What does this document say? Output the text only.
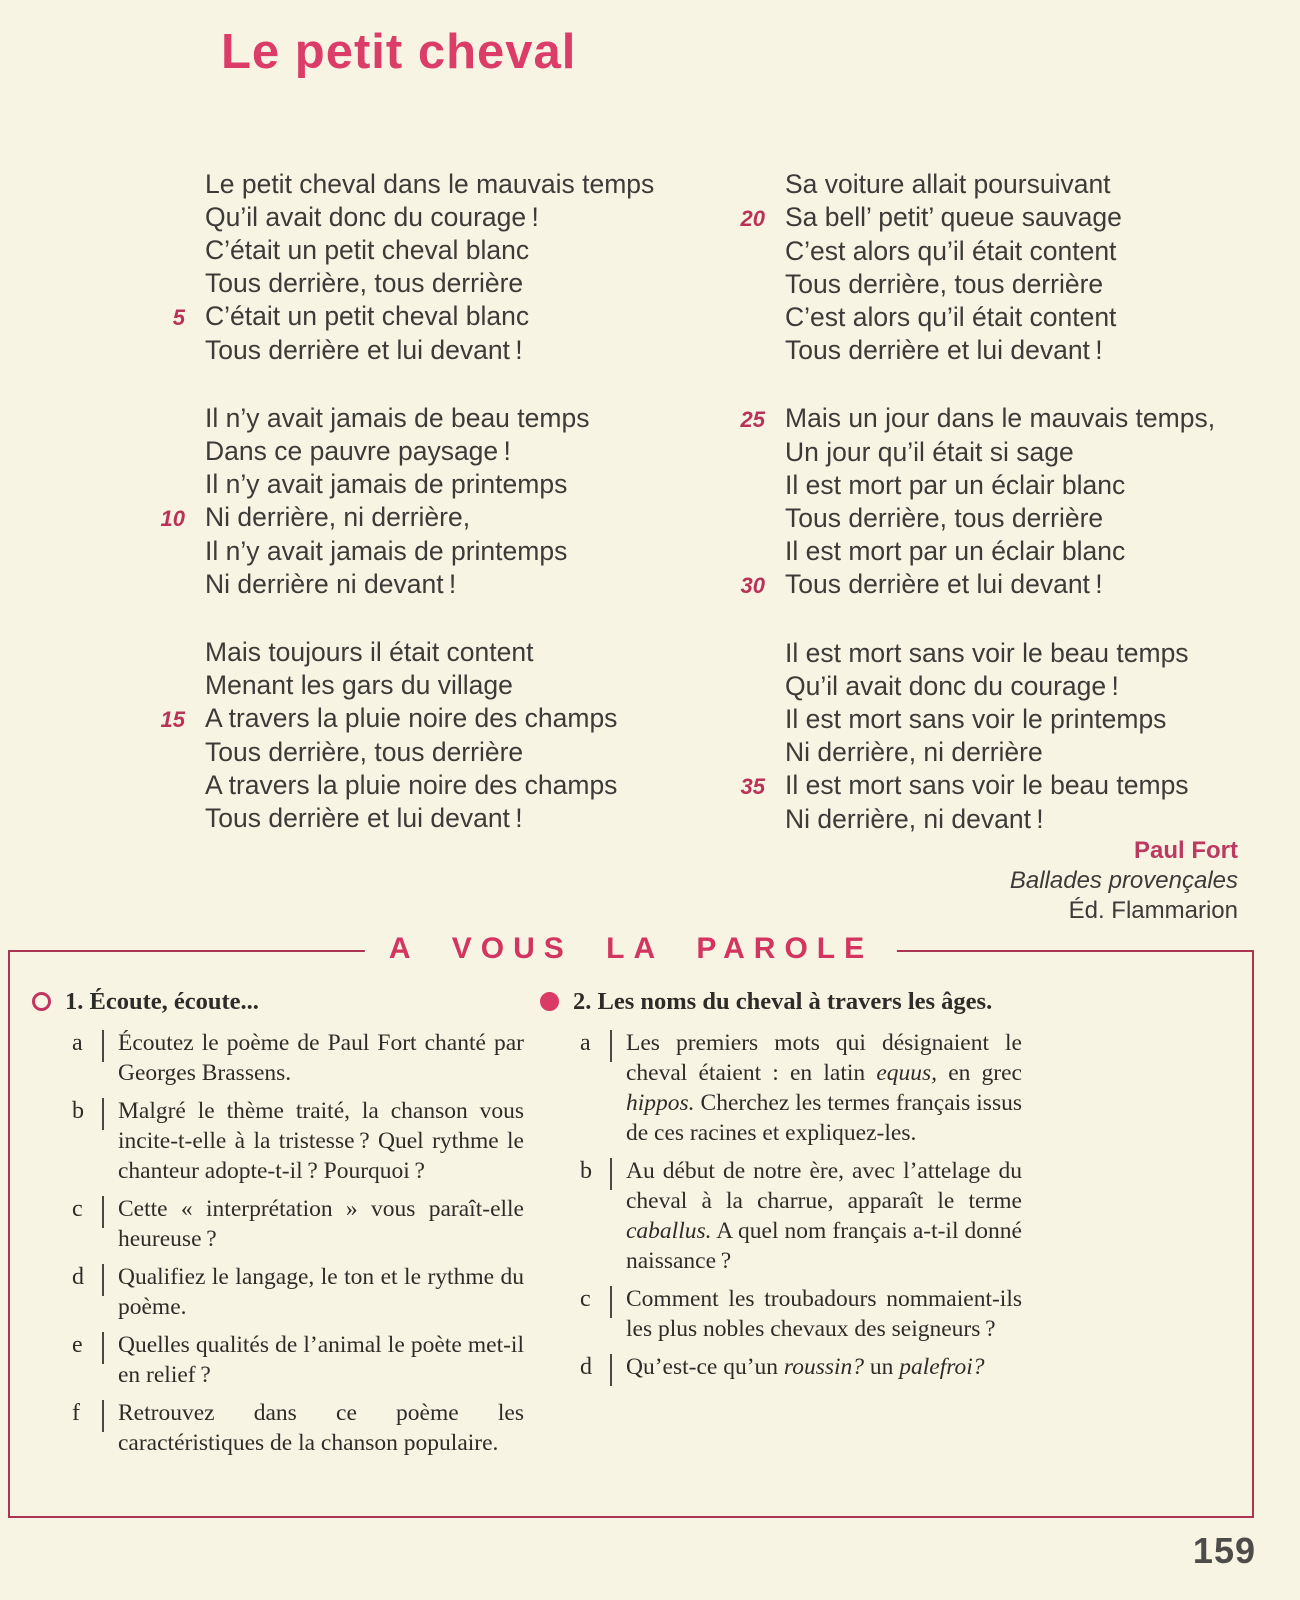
Le petit cheval
Le petit cheval dans le mauvais temps
Qu’il avait donc du courage !
C’était un petit cheval blanc
Tous derrière, tous derrière
5 C’était un petit cheval blanc
Tous derrière et lui devant !
Il n’y avait jamais de beau temps
Dans ce pauvre paysage !
Il n’y avait jamais de printemps
10 Ni derrière, ni derrière,
Il n’y avait jamais de printemps
Ni derrière ni devant !
Mais toujours il était content
Menant les gars du village
15 A travers la pluie noire des champs
Tous derrière, tous derrière
A travers la pluie noire des champs
Tous derrière et lui devant !
Sa voiture allait poursuivant
20 Sa bell’ petit’ queue sauvage
C’est alors qu’il était content
Tous derrière, tous derrière
C’est alors qu’il était content
Tous derrière et lui devant !
25 Mais un jour dans le mauvais temps,
Un jour qu’il était si sage
Il est mort par un éclair blanc
Tous derrière, tous derrière
Il est mort par un éclair blanc
30 Tous derrière et lui devant !
Il est mort sans voir le beau temps
Qu’il avait donc du courage !
Il est mort sans voir le printemps
Ni derrière, ni derrière
35 Il est mort sans voir le beau temps
Ni derrière, ni devant !
Paul Fort
Ballades provençales
Éd. Flammarion
A VOUS LA PAROLE
1. Écoute, écoute...
a	Écoutez le poème de Paul Fort chanté par Georges Brassens.

b	Malgré le thème traité, la chanson vous incite-t-elle à la tristesse ? Quel rythme le chanteur adopte-t-il ? Pourquoi ?

c	Cette « interprétation » vous paraît-elle heureuse ?

d	Qualifiez le langage, le ton et le rythme du poème.

e	Quelles qualités de l’animal le poète met-il en relief ?

f	Retrouvez dans ce poème les caractéristiques de la chanson populaire.

2. Les noms du cheval à travers les âges.
a	Les premiers mots qui désignaient le cheval étaient : en latin equus, en grec hippos. Cherchez les termes français issus de ces racines et expliquez-les.

b	Au début de notre ère, avec l’attelage du cheval à la charrue, apparaît le terme caballus. A quel nom français a-t-il donné naissance ?

c	Comment les troubadours nommaient-ils les plus nobles chevaux des seigneurs ?

d	Qu’est-ce qu’un roussin? un palefroi?

159
